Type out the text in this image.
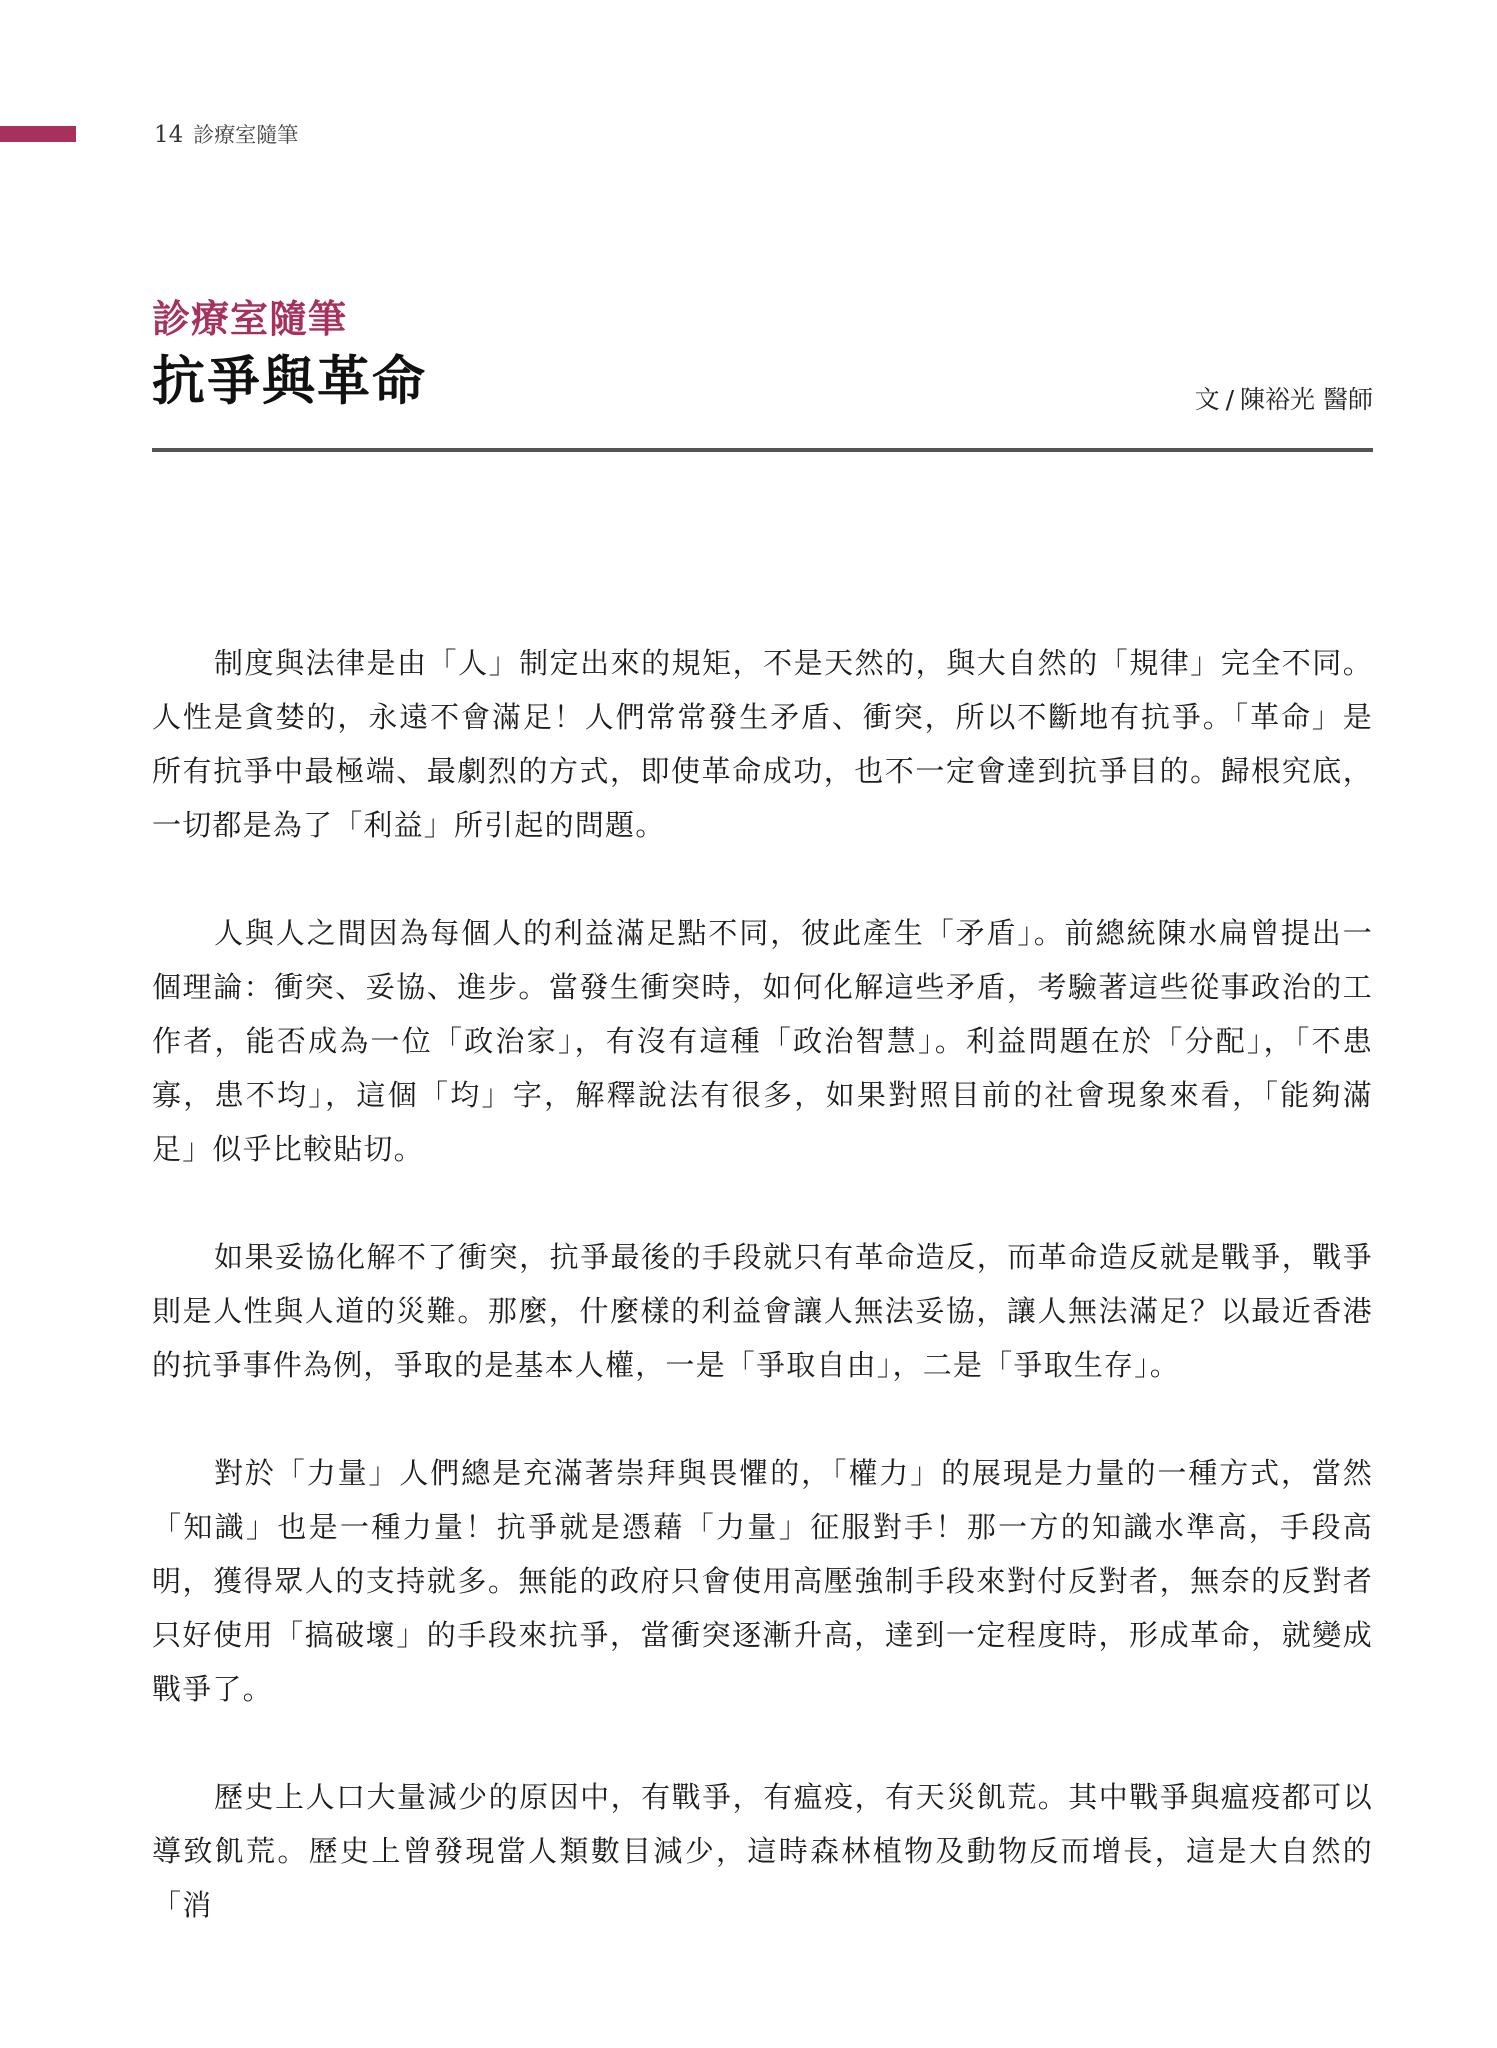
14 診療室隨筆
診療室隨筆
抗爭與革命	文 / 陳裕光 醫師

制度與法律是由「人」制定出來的規矩，不是天然的，與大自然的「規律」完全不同。人性是貪婪的，永遠不會滿足！人們常常發生矛盾、衝突，所以不斷地有抗爭。「革命」是所有抗爭中最極端、最劇烈的方式，即使革命成功，也不一定會達到抗爭目的。歸根究底，一切都是為了「利益」所引起的問題。

人與人之間因為每個人的利益滿足點不同，彼此產生「矛盾」。前總統陳水扁曾提出一個理論：衝突、妥協、進步。當發生衝突時，如何化解這些矛盾，考驗著這些從事政治的工作者，能否成為一位「政治家」，有沒有這種「政治智慧」。利益問題在於「分配」，「不患寡，患不均」，這個「均」字，解釋說法有很多，如果對照目前的社會現象來看，「能夠滿足」似乎比較貼切。

如果妥協化解不了衝突，抗爭最後的手段就只有革命造反，而革命造反就是戰爭，戰爭則是人性與人道的災難。那麼，什麼樣的利益會讓人無法妥協，讓人無法滿足？以最近香港的抗爭事件為例，爭取的是基本人權，一是「爭取自由」，二是「爭取生存」。

對於「力量」人們總是充滿著崇拜與畏懼的，「權力」的展現是力量的一種方式，當然「知識」也是一種力量！抗爭就是憑藉「力量」征服對手！那一方的知識水準高，手段高明，獲得眾人的支持就多。無能的政府只會使用高壓強制手段來對付反對者，無奈的反對者只好使用「搞破壞」的手段來抗爭，當衝突逐漸升高，達到一定程度時，形成革命，就變成戰爭了。

歷史上人口大量減少的原因中，有戰爭，有瘟疫，有天災飢荒。其中戰爭與瘟疫都可以導致飢荒。歷史上曾發現當人類數目減少，這時森林植物及動物反而增長，這是大自然的「消
